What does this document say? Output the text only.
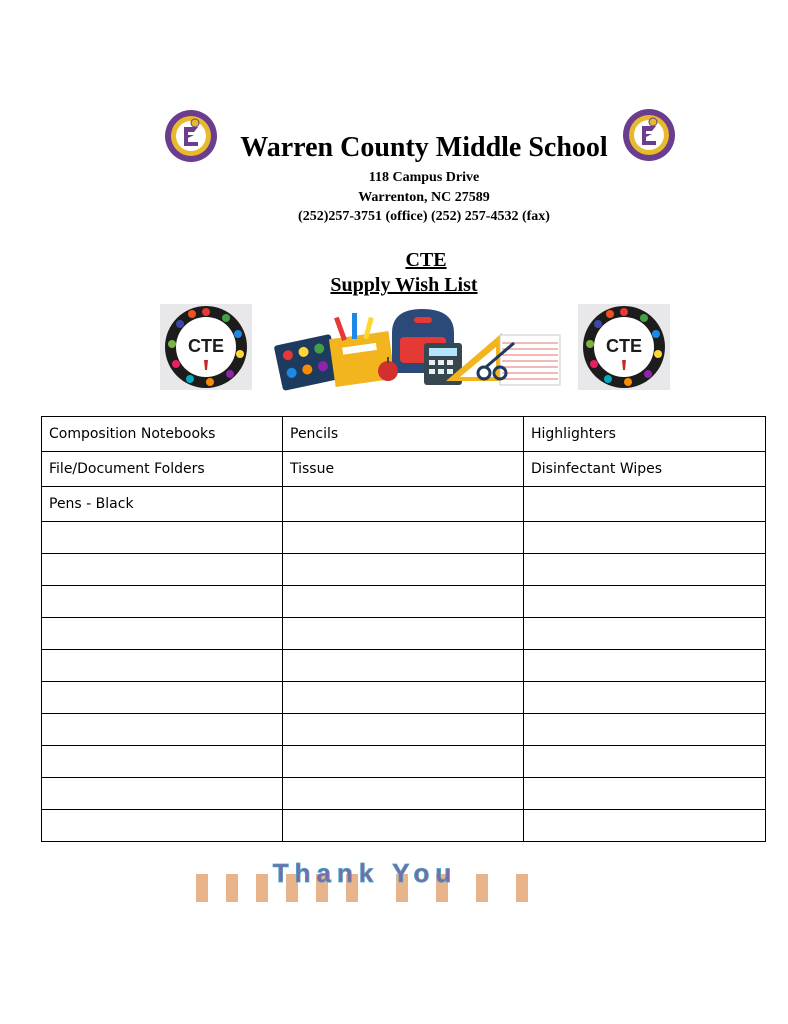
Warren County Middle School
118 Campus Drive
Warrenton, NC 27589
(252)257-3751 (office) (252) 257-4532 (fax)
CTE
Supply Wish List
CTE	CTE
Composition Notebooks	Pencils	Highlighters
File/Document Folders	Tissue	Disinfectant Wipes
Pens - Black		

Thank You
